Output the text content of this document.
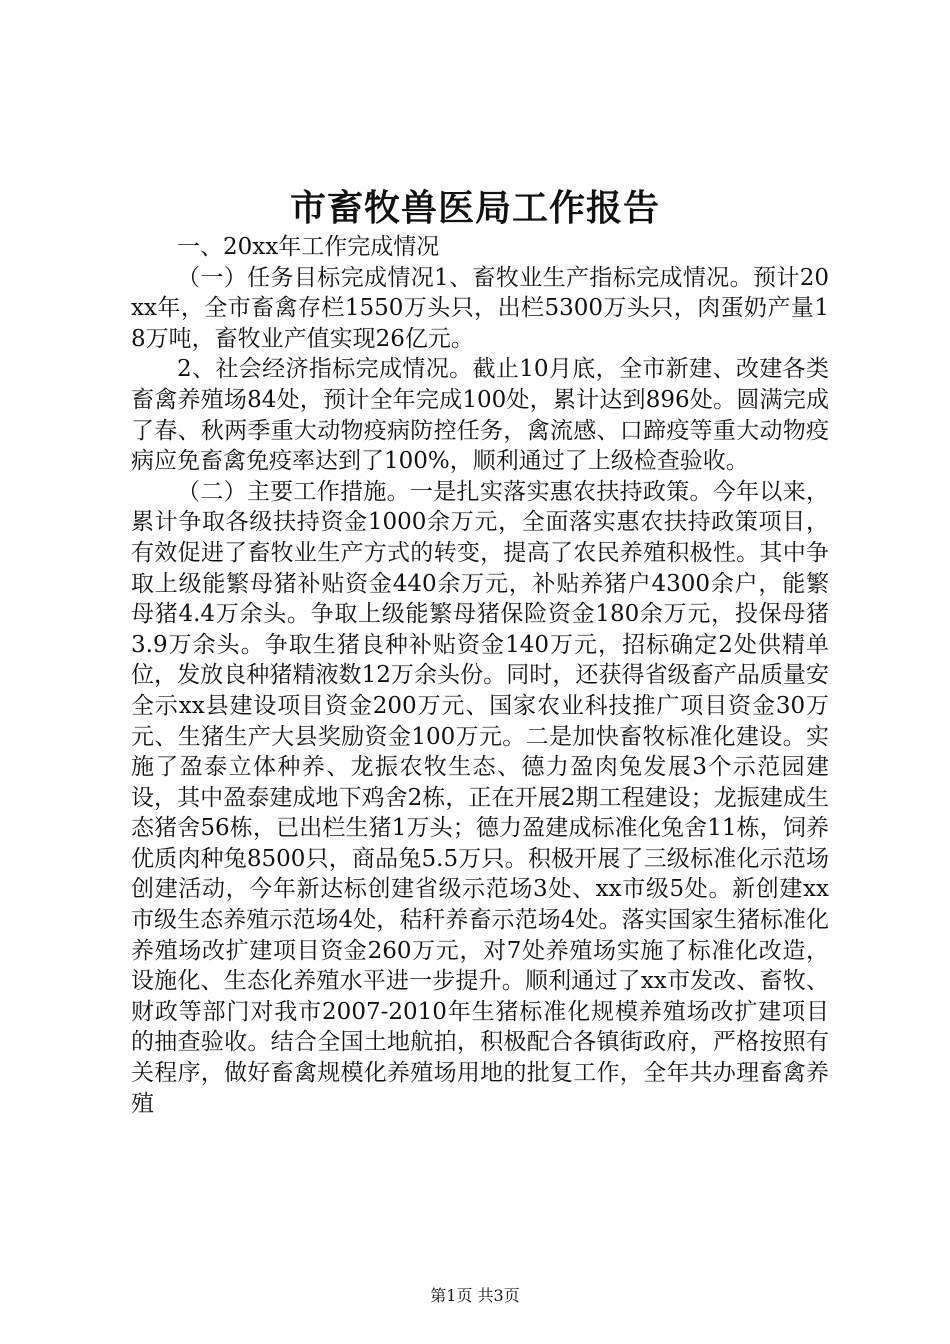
市畜牧兽医局工作报告

一、20xx年工作完成情况

（一）任务目标完成情况1、畜牧业生产指标完成情况。预计20xx年，全市畜禽存栏1550万头只，出栏5300万头只，肉蛋奶产量18万吨，畜牧业产值实现26亿元。

2、社会经济指标完成情况。截止10月底，全市新建、改建各类畜禽养殖场84处，预计全年完成100处，累计达到896处。圆满完成了春、秋两季重大动物疫病防控任务，禽流感、口蹄疫等重大动物疫病应免畜禽免疫率达到了100%，顺利通过了上级检查验收。

（二）主要工作措施。一是扎实落实惠农扶持政策。今年以来，累计争取各级扶持资金1000余万元，全面落实惠农扶持政策项目，有效促进了畜牧业生产方式的转变，提高了农民养殖积极性。其中争取上级能繁母猪补贴资金440余万元，补贴养猪户4300余户，能繁母猪4.4万余头。争取上级能繁母猪保险资金180余万元，投保母猪3.9万余头。争取生猪良种补贴资金140万元，招标确定2处供精单位，发放良种猪精液数12万余头份。同时，还获得省级畜产品质量安全示xx县建设项目资金200万元、国家农业科技推广项目资金30万元、生猪生产大县奖励资金100万元。二是加快畜牧标准化建设。实施了盈泰立体种养、龙振农牧生态、德力盈肉兔发展3个示范园建设，其中盈泰建成地下鸡舍2栋，正在开展2期工程建设；龙振建成生态猪舍56栋，已出栏生猪1万头；德力盈建成标准化兔舍11栋，饲养优质肉种兔8500只，商品兔5.5万只。积极开展了三级标准化示范场创建活动，今年新达标创建省级示范场3处、xx市级5处。新创建xx市级生态养殖示范场4处，秸秆养畜示范场4处。落实国家生猪标准化养殖场改扩建项目资金260万元，对7处养殖场实施了标准化改造，设施化、生态化养殖水平进一步提升。顺利通过了xx市发改、畜牧、财政等部门对我市2007-2010年生猪标准化规模养殖场改扩建项目的抽查验收。结合全国土地航拍，积极配合各镇街政府，严格按照有关程序，做好畜禽规模化养殖场用地的批复工作，全年共办理畜禽养殖

第1页 共3页
